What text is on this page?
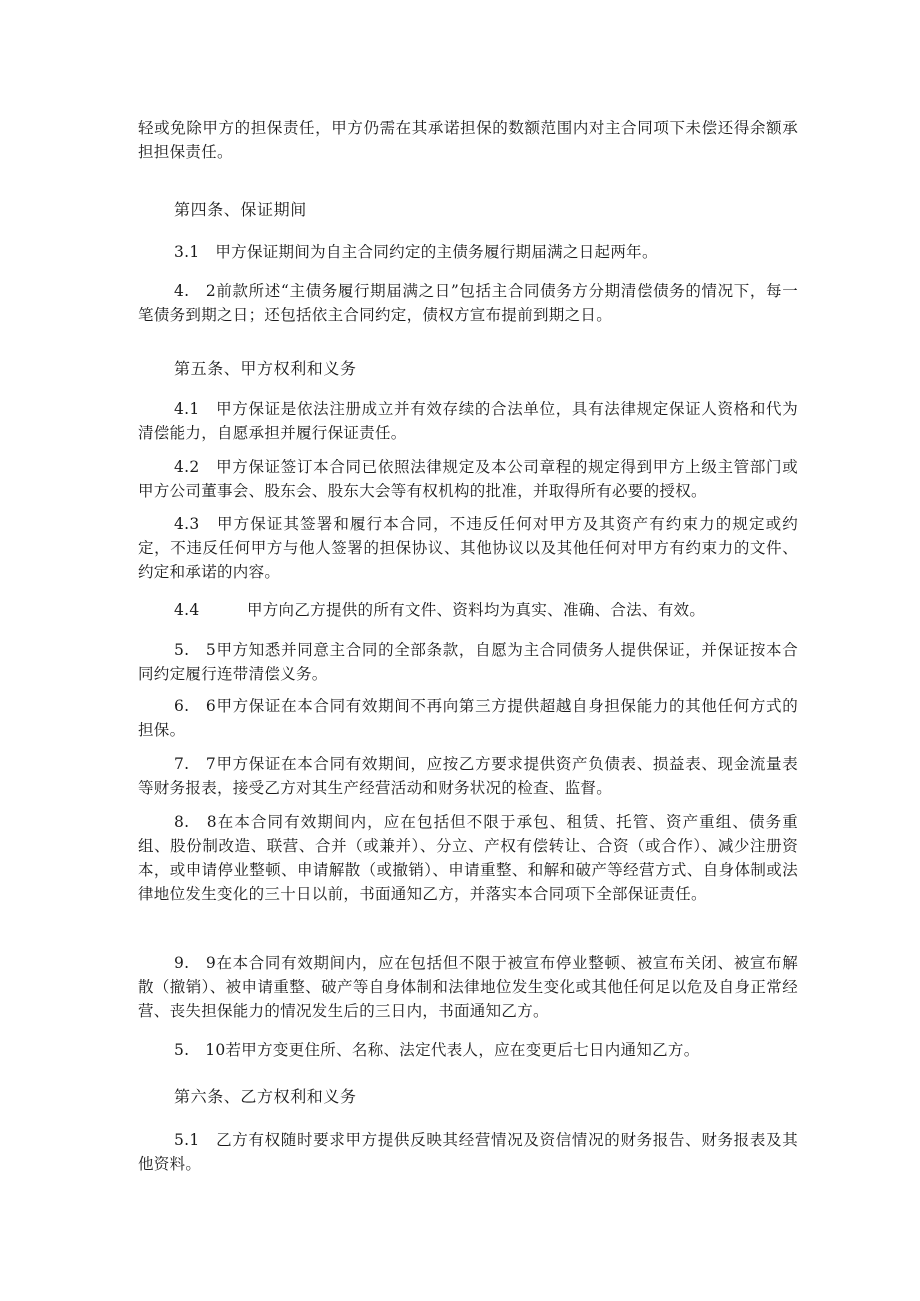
轻或免除甲方的担保责任，甲方仍需在其承诺担保的数额范围内对主合同项下未偿还得余额承担担保责任。

第四条、保证期间

3.1　甲方保证期间为自主合同约定的主债务履行期届满之日起两年。

4.　2前款所述“主债务履行期届满之日”包括主合同债务方分期清偿债务的情况下，每一笔债务到期之日；还包括依主合同约定，债权方宣布提前到期之日。

第五条、甲方权利和义务

4.1　甲方保证是依法注册成立并有效存续的合法单位，具有法律规定保证人资格和代为清偿能力，自愿承担并履行保证责任。

4.2　甲方保证签订本合同已依照法律规定及本公司章程的规定得到甲方上级主管部门或甲方公司董事会、股东会、股东大会等有权机构的批准，并取得所有必要的授权。

4.3　甲方保证其签署和履行本合同，不违反任何对甲方及其资产有约束力的规定或约定，不违反任何甲方与他人签署的担保协议、其他协议以及其他任何对甲方有约束力的文件、约定和承诺的内容。

4.4　　　甲方向乙方提供的所有文件、资料均为真实、准确、合法、有效。

5.　5甲方知悉并同意主合同的全部条款，自愿为主合同债务人提供保证，并保证按本合同约定履行连带清偿义务。

6.　6甲方保证在本合同有效期间不再向第三方提供超越自身担保能力的其他任何方式的担保。

7.　7甲方保证在本合同有效期间，应按乙方要求提供资产负债表、损益表、现金流量表等财务报表，接受乙方对其生产经营活动和财务状况的检查、监督。

8.　8在本合同有效期间内，应在包括但不限于承包、租赁、托管、资产重组、债务重组、股份制改造、联营、合并（或兼并）、分立、产权有偿转让、合资（或合作）、减少注册资本，或申请停业整顿、申请解散（或撤销）、申请重整、和解和破产等经营方式、自身体制或法律地位发生变化的三十日以前，书面通知乙方，并落实本合同项下全部保证责任。

9.　9在本合同有效期间内，应在包括但不限于被宣布停业整顿、被宣布关闭、被宣布解散（撤销）、被申请重整、破产等自身体制和法律地位发生变化或其他任何足以危及自身正常经营、丧失担保能力的情况发生后的三日内，书面通知乙方。

5.　10若甲方变更住所、名称、法定代表人，应在变更后七日内通知乙方。

第六条、乙方权利和义务

5.1　乙方有权随时要求甲方提供反映其经营情况及资信情况的财务报告、财务报表及其他资料。
